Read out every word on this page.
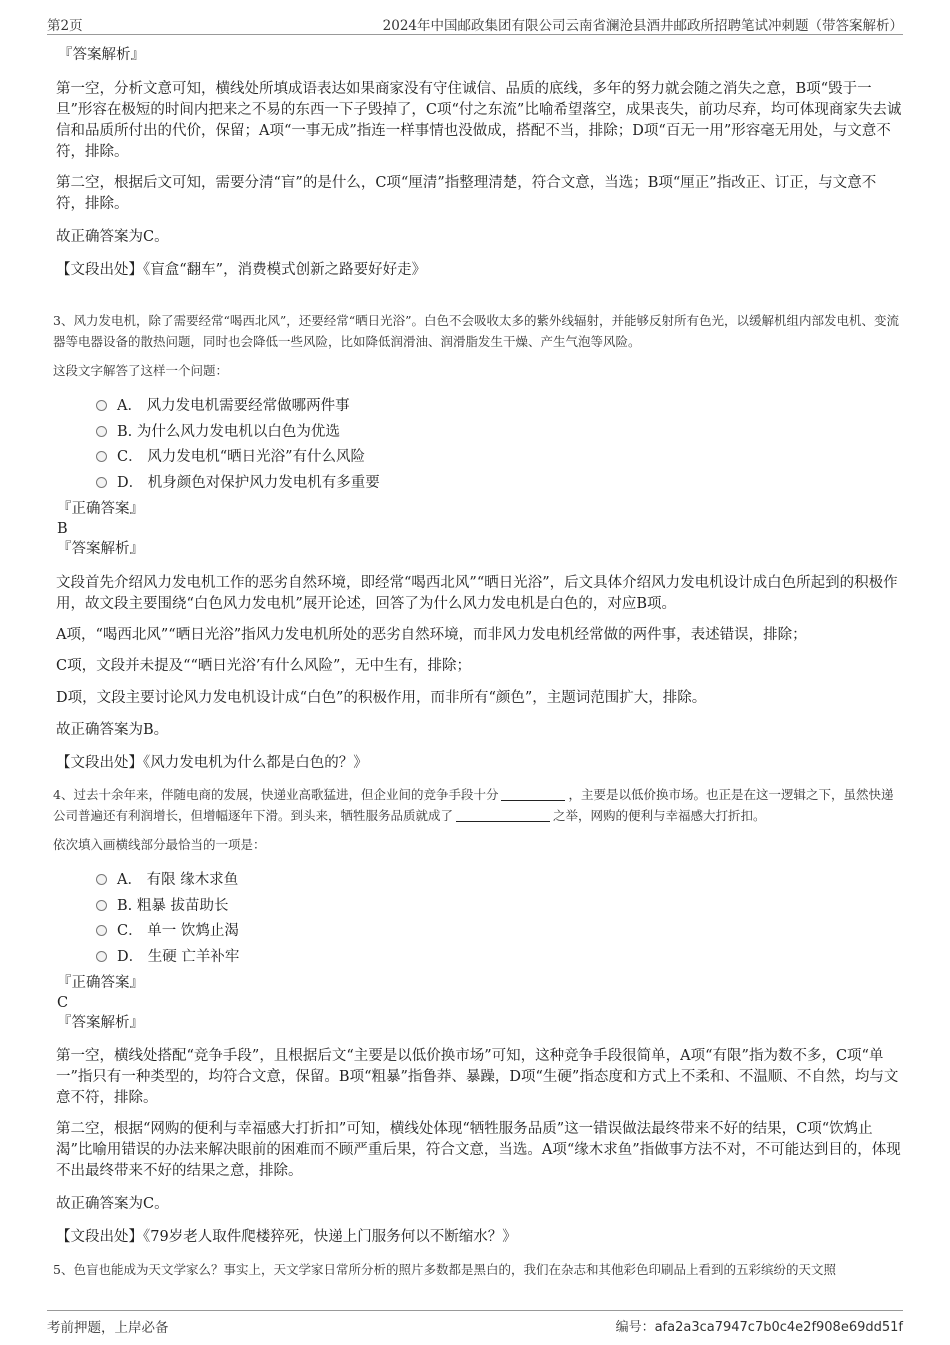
第2页	2024年中国邮政集团有限公司云南省澜沧县酒井邮政所招聘笔试冲刺题（带答案解析）
『答案解析』

第一空，分析文意可知，横线处所填成语表达如果商家没有守住诚信、品质的底线，多年的努力就会随之消失之意，B项“毁于一旦”形容在极短的时间内把来之不易的东西一下子毁掉了，C项“付之东流”比喻希望落空，成果丧失，前功尽弃，均可体现商家失去诚信和品质所付出的代价，保留；A项“一事无成”指连一样事情也没做成，搭配不当，排除；D项“百无一用”形容毫无用处，与文意不符，排除。

第二空，根据后文可知，需要分清“盲”的是什么，C项“厘清”指整理清楚，符合文意，当选；B项“厘正”指改正、订正，与文意不符，排除。

故正确答案为C。

【文段出处】《盲盒“翻车”，消费模式创新之路要好好走》

3、风力发电机，除了需要经常“喝西北风”，还要经常“晒日光浴”。白色不会吸收太多的紫外线辐射，并能够反射所有色光，以缓解机组内部发电机、变流器等电器设备的散热问题，同时也会降低一些风险，比如降低润滑油、润滑脂发生干燥、产生气泡等风险。

这段文字解答了这样一个问题：

A． 风力发电机需要经常做哪两件事
B. 为什么风力发电机以白色为优选
C． 风力发电机“晒日光浴”有什么风险
D． 机身颜色对保护风力发电机有多重要
『正确答案』
B
『答案解析』

文段首先介绍风力发电机工作的恶劣自然环境，即经常“喝西北风”“晒日光浴”，后文具体介绍风力发电机设计成白色所起到的积极作用，故文段主要围绕“白色风力发电机”展开论述，回答了为什么风力发电机是白色的，对应B项。

A项，“喝西北风”“晒日光浴”指风力发电机所处的恶劣自然环境，而非风力发电机经常做的两件事，表述错误，排除；

C项，文段并未提及““晒日光浴’有什么风险”，无中生有，排除；

D项，文段主要讨论风力发电机设计成“白色”的积极作用，而非所有“颜色”，主题词范围扩大，排除。

故正确答案为B。

【文段出处】《风力发电机为什么都是白色的？》

4、过去十余年来，伴随电商的发展，快递业高歌猛进，但企业间的竞争手段十分	，主要是以低价换市场。也正是在这一逻辑之下，虽然快递公司普遍还有利润增长，但增幅逐年下滑。到头来，牺牲服务品质就成了	之举，网购的便利与幸福感大打折扣。

依次填入画横线部分最恰当的一项是：

A． 有限 缘木求鱼
B. 粗暴 拔苗助长
C． 单一 饮鸩止渴
D． 生硬 亡羊补牢
『正确答案』
C
『答案解析』

第一空，横线处搭配“竞争手段”，且根据后文“主要是以低价换市场”可知，这种竞争手段很简单，A项“有限”指为数不多，C项“单一”指只有一种类型的，均符合文意，保留。B项“粗暴”指鲁莽、暴躁，D项“生硬”指态度和方式上不柔和、不温顺、不自然，均与文意不符，排除。

第二空，根据“网购的便利与幸福感大打折扣”可知，横线处体现“牺牲服务品质”这一错误做法最终带来不好的结果，C项“饮鸩止渴”比喻用错误的办法来解决眼前的困难而不顾严重后果，符合文意，当选。A项“缘木求鱼”指做事方法不对，不可能达到目的，体现不出最终带来不好的结果之意，排除。

故正确答案为C。

【文段出处】《79岁老人取件爬楼猝死，快递上门服务何以不断缩水？》

5、色盲也能成为天文学家么？事实上，天文学家日常所分析的照片多数都是黑白的，我们在杂志和其他彩色印刷品上看到的五彩缤纷的天文照

考前押题，上岸必备	编号：afa2a3ca7947c7b0c4e2f908e69dd51f
